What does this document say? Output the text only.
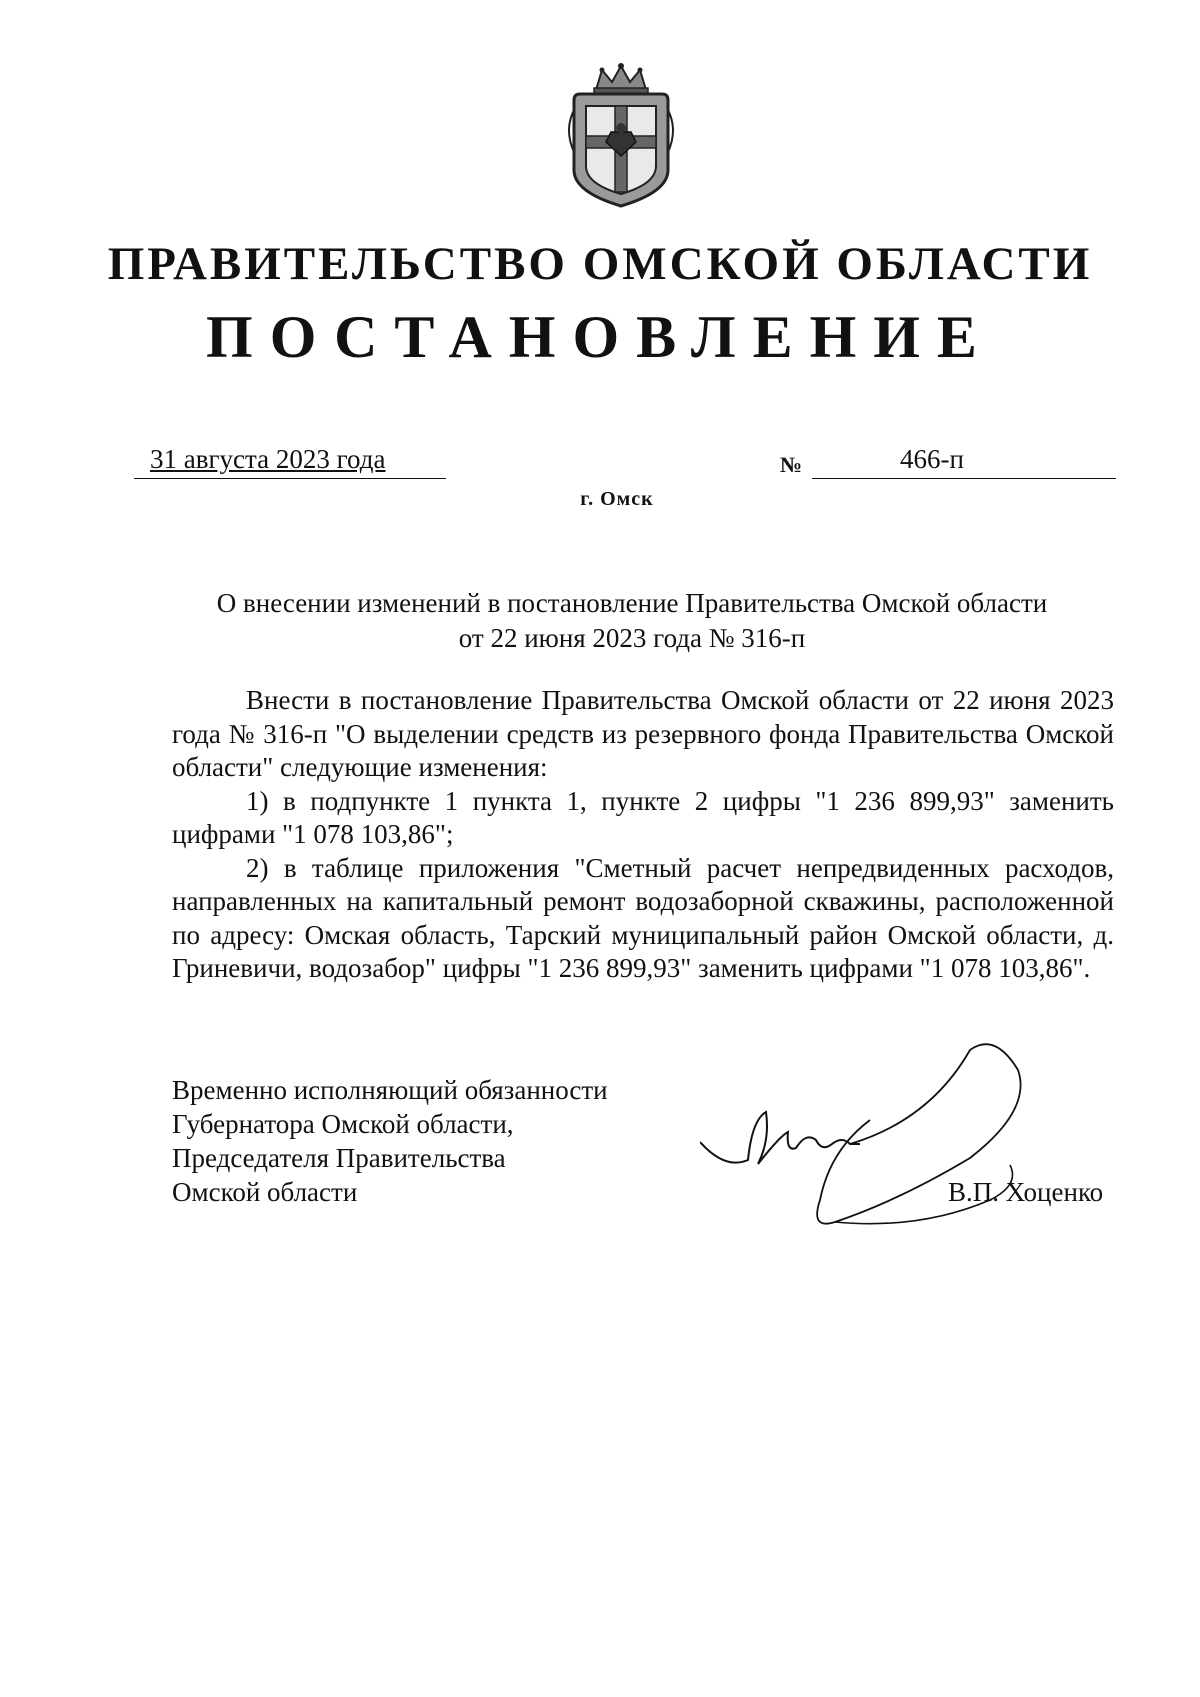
ПРАВИТЕЛЬСТВО ОМСКОЙ ОБЛАСТИ
ПОСТАНОВЛЕНИЕ
31 августа 2023 года	№	466-п
г. Омск
О внесении изменений в постановление Правительства Омской области
от 22 июня 2023 года № 316-п

Внести в постановление Правительства Омской области от 22 июня 2023 года № 316-п "О выделении средств из резервного фонда Правительства Омской области" следующие изменения:

1) в подпункте 1 пункта 1, пункте 2 цифры "1 236 899,93" заменить цифрами "1 078 103,86";

2) в таблице приложения "Сметный расчет непредвиденных расходов, направленных на капитальный ремонт водозаборной скважины, расположенной по адресу: Омская область, Тарский муниципальный район Омской области, д. Гриневичи, водозабор" цифры "1 236 899,93" заменить цифрами "1 078 103,86".

Временно исполняющий обязанности
Губернатора Омской области,
Председателя Правительства
Омской области	В.П. Хоценко
